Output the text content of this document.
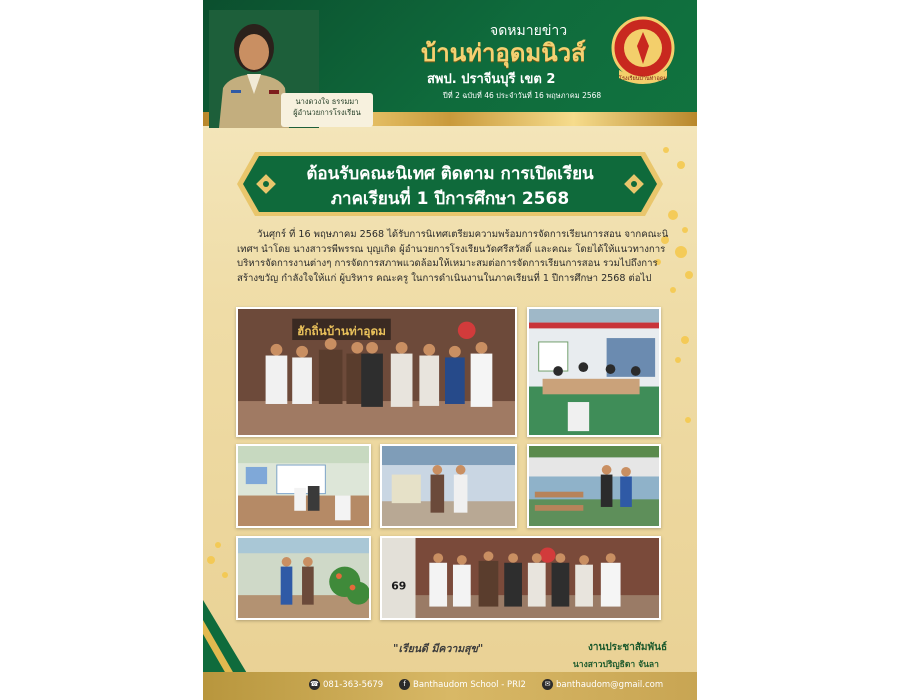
นางดวงใจ ธรรมมา
ผู้อำนวยการโรงเรียน
จดหมายข่าว
บ้านท่าอุดมนิวส์
สพป. ปราจีนบุรี เขต 2
ปีที่ 2 ฉบับที่ 46 ประจำวันที่ 16 พฤษภาคม 2568
โรงเรียนบ้านท่าอุดม
ต้อนรับคณะนิเทศ ติดตาม การเปิดเรียน
ภาคเรียนที่ 1 ปีการศึกษา 2568
วันศุกร์ ที่ 16 พฤษภาคม 2568 ได้รับการนิเทศเตรียมความพร้อมการจัดการเรียนการสอน จากคณะนิเทศฯ นำโดย นางสาวรพีพรรณ บุญเกิด ผู้อำนวยการโรงเรียนวัดศรีสวัสดิ์ และคณะ โดยได้ให้แนวทางการบริหารจัดการงานต่างๆ การจัดการสภาพแวดล้อมให้เหมาะสมต่อการจัดการเรียนการสอน รวมไปถึงการสร้างขวัญ กำลังใจให้แก่ ผู้บริหาร คณะครู ในการดำเนินงานในภาคเรียนที่ 1 ปีการศึกษา 2568 ต่อไป
ฮักถิ่นบ้านท่าอุดม
69
"เรียนดี มีความสุข"	งานประชาสัมพันธ์
นางสาวปริญธิดา จันลา
☎ 081-363-5679	f Banthaudom School - PRI2	✉ banthaudom@gmail.com
